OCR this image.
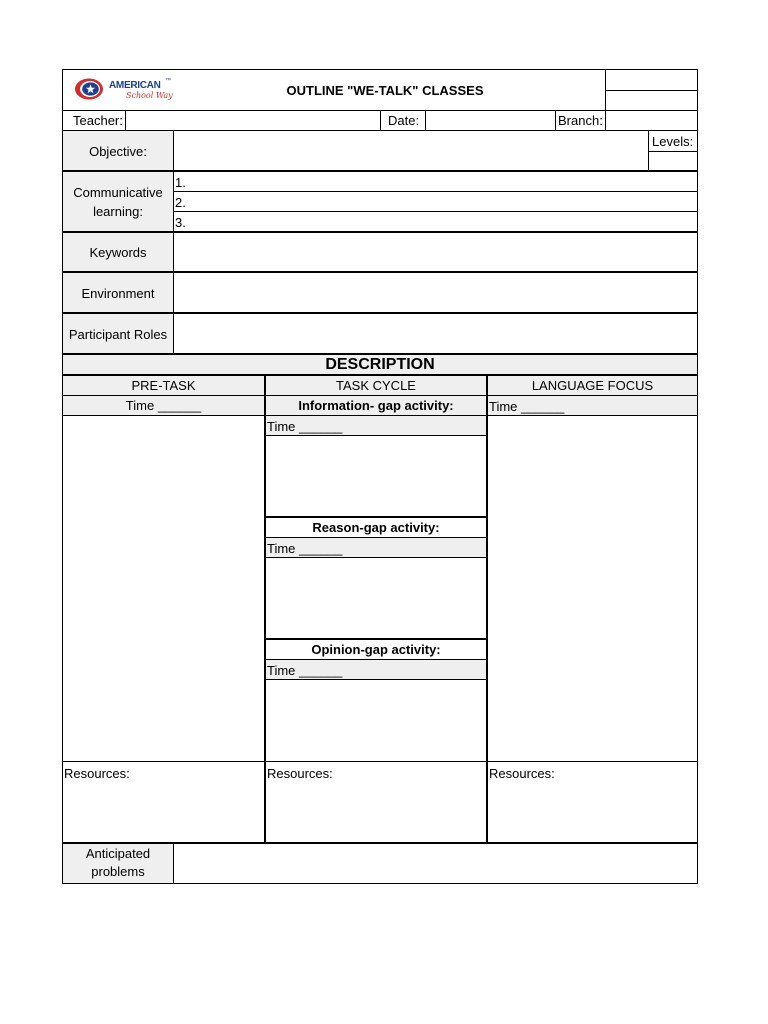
AMERICAN ™
School Way	OUTLINE "WE-TALK" CLASSES
Teacher:	Date:	Branch:
Objective:
Levels:
Communicative
learning:
1.
2.
3.
Keywords
Environment
Participant Roles
DESCRIPTION
PRE-TASK	TASK CYCLE	LANGUAGE FOCUS
Time ______	Information- gap activity:	Time ______
Time ______
Reason-gap activity:
Time ______
Opinion-gap activity:
Time ______
Resources:	Resources:	Resources:
Anticipated
problems
